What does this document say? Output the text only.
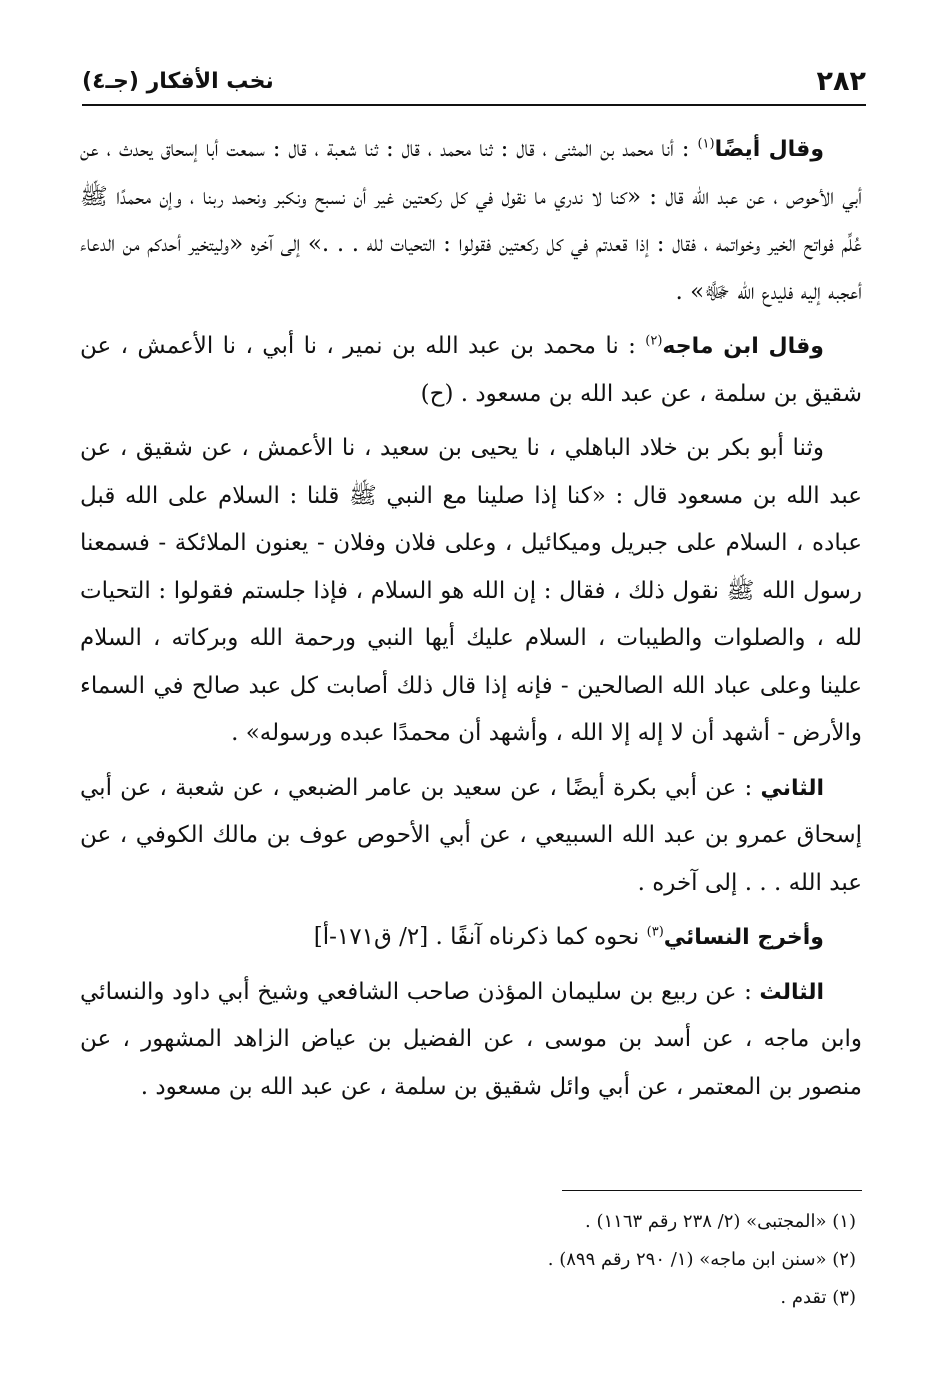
٢٨٢
نخب الأفكار (جـ٤)

وقال أيضًا$^{(١)}$ : أنا محمد بن المثنى ، قال : ثنا محمد ، قال : ثنا شعبة ، قال : سمعت أبا إسحاق يحدث ، عن أبي الأحوص ، عن عبد الله قال : «كنا لا ندري ما نقول في كل ركعتين غير أن نسبح ونكبر ونحمد ربنا ، وإن محمدًا ﷺ عُلِّم فواتح الخير وخواتمه ، فقال : إذا قعدتم في كل ركعتين فقولوا : التحيات لله . . .» إلى آخره «وليتخير أحدكم من الدعاء أعجبه إليه فليدع الله ﷻ» .

وقال ابن ماجه$^{(٢)}$ : نا محمد بن عبد الله بن نمير ، نا أبي ، نا الأعمش ، عن شقيق بن سلمة ، عن عبد الله بن مسعود . (ح)

وثنا أبو بكر بن خلاد الباهلي ، نا يحيى بن سعيد ، نا الأعمش ، عن شقيق ، عن عبد الله بن مسعود قال : «كنا إذا صلينا مع النبي ﷺ قلنا : السلام على الله قبل عباده ، السلام على جبريل وميكائيل ، وعلى فلان وفلان - يعنون الملائكة - فسمعنا رسول الله ﷺ نقول ذلك ، فقال : إن الله هو السلام ، فإذا جلستم فقولوا : التحيات لله ، والصلوات والطيبات ، السلام عليك أيها النبي ورحمة الله وبركاته ، السلام علينا وعلى عباد الله الصالحين - فإنه إذا قال ذلك أصابت كل عبد صالح في السماء والأرض - أشهد أن لا إله إلا الله ، وأشهد أن محمدًا عبده ورسوله» .

الثاني : عن أبي بكرة أيضًا ، عن سعيد بن عامر الضبعي ، عن شعبة ، عن أبي إسحاق عمرو بن عبد الله السبيعي ، عن أبي الأحوص عوف بن مالك الكوفي ، عن عبد الله . . . إلى آخره .

وأخرج النسائي$^{(٣)}$ نحوه كما ذكرناه آنفًا . [٢/ ق١٧١-أ]

الثالث : عن ربيع بن سليمان المؤذن صاحب الشافعي وشيخ أبي داود والنسائي وابن ماجه ، عن أسد بن موسى ، عن الفضيل بن عياض الزاهد المشهور ، عن منصور بن المعتمر ، عن أبي وائل شقيق بن سلمة ، عن عبد الله بن مسعود .

(١) «المجتبى» (٢/ ٢٣٨ رقم ١١٦٣) .
(٢) «سنن ابن ماجه» (١/ ٢٩٠ رقم ٨٩٩) .
(٣) تقدم .
